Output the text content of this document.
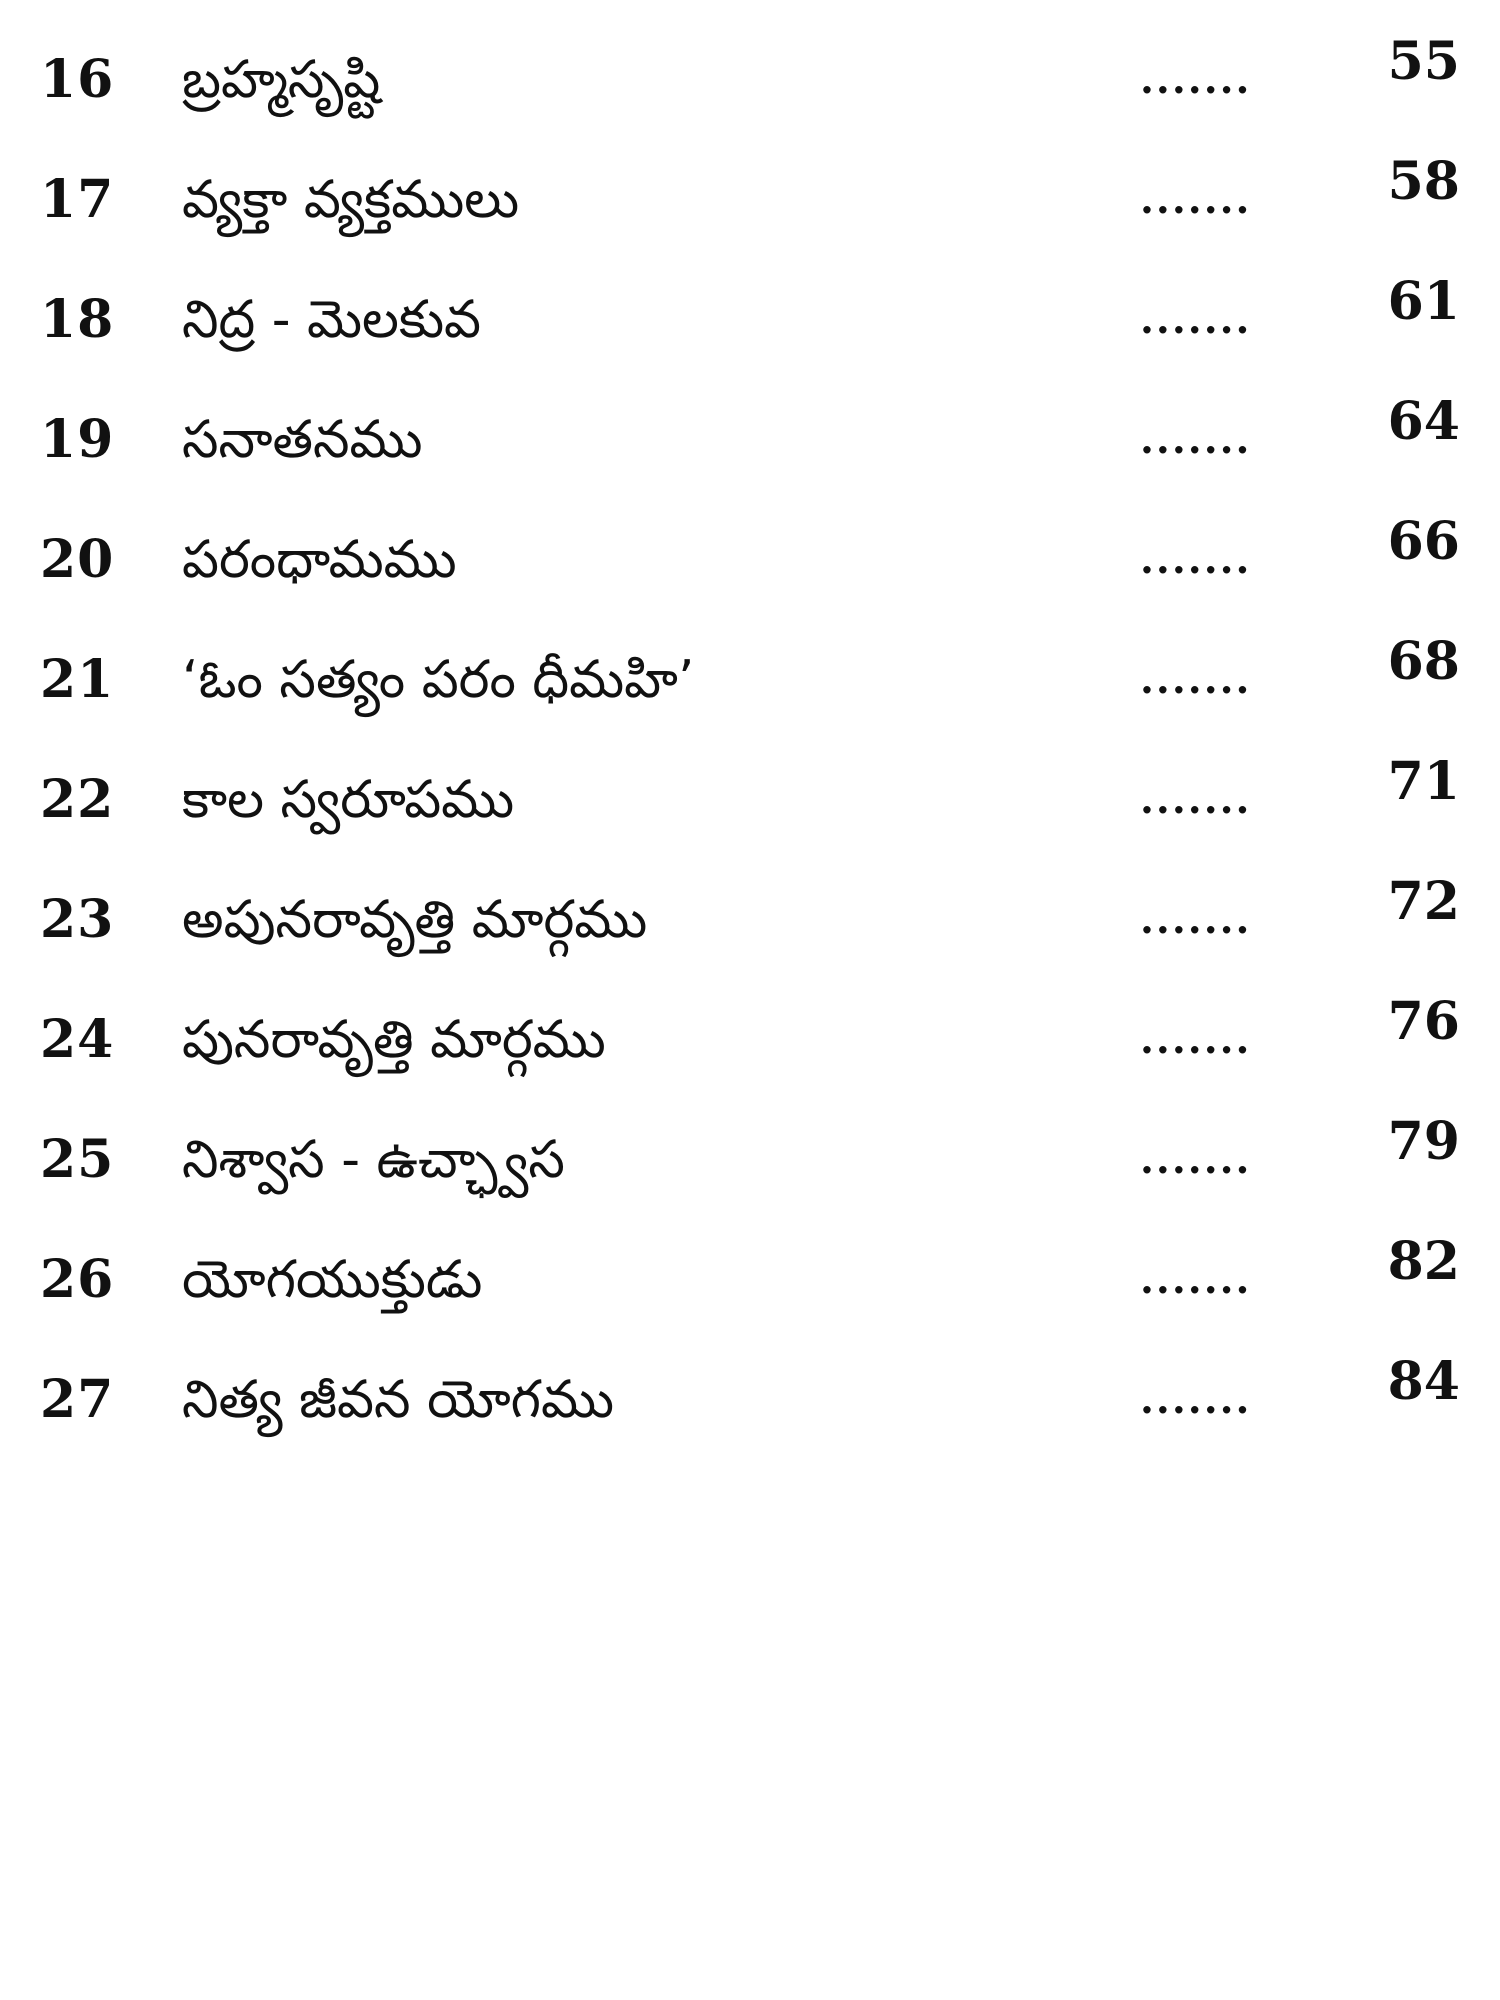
16	బ్రహ్మసృష్టి	.......	55
17	వ్యక్తా వ్యక్తములు	.......	58
18	నిద్ర - మెలకువ	.......	61
19	సనాతనము	.......	64
20	పరంధామము	.......	66
21	‘ఓం సత్యం పరం ధీమహి’	.......	68
22	కాల స్వరూపము	.......	71
23	అపునరావృత్తి మార్గము	.......	72
24	పునరావృత్తి మార్గము	.......	76
25	నిశ్వాస - ఉచ్ఛ్వాస	.......	79
26	యోగయుక్తుడు	.......	82
27	నిత్య జీవన యోగము	.......	84
